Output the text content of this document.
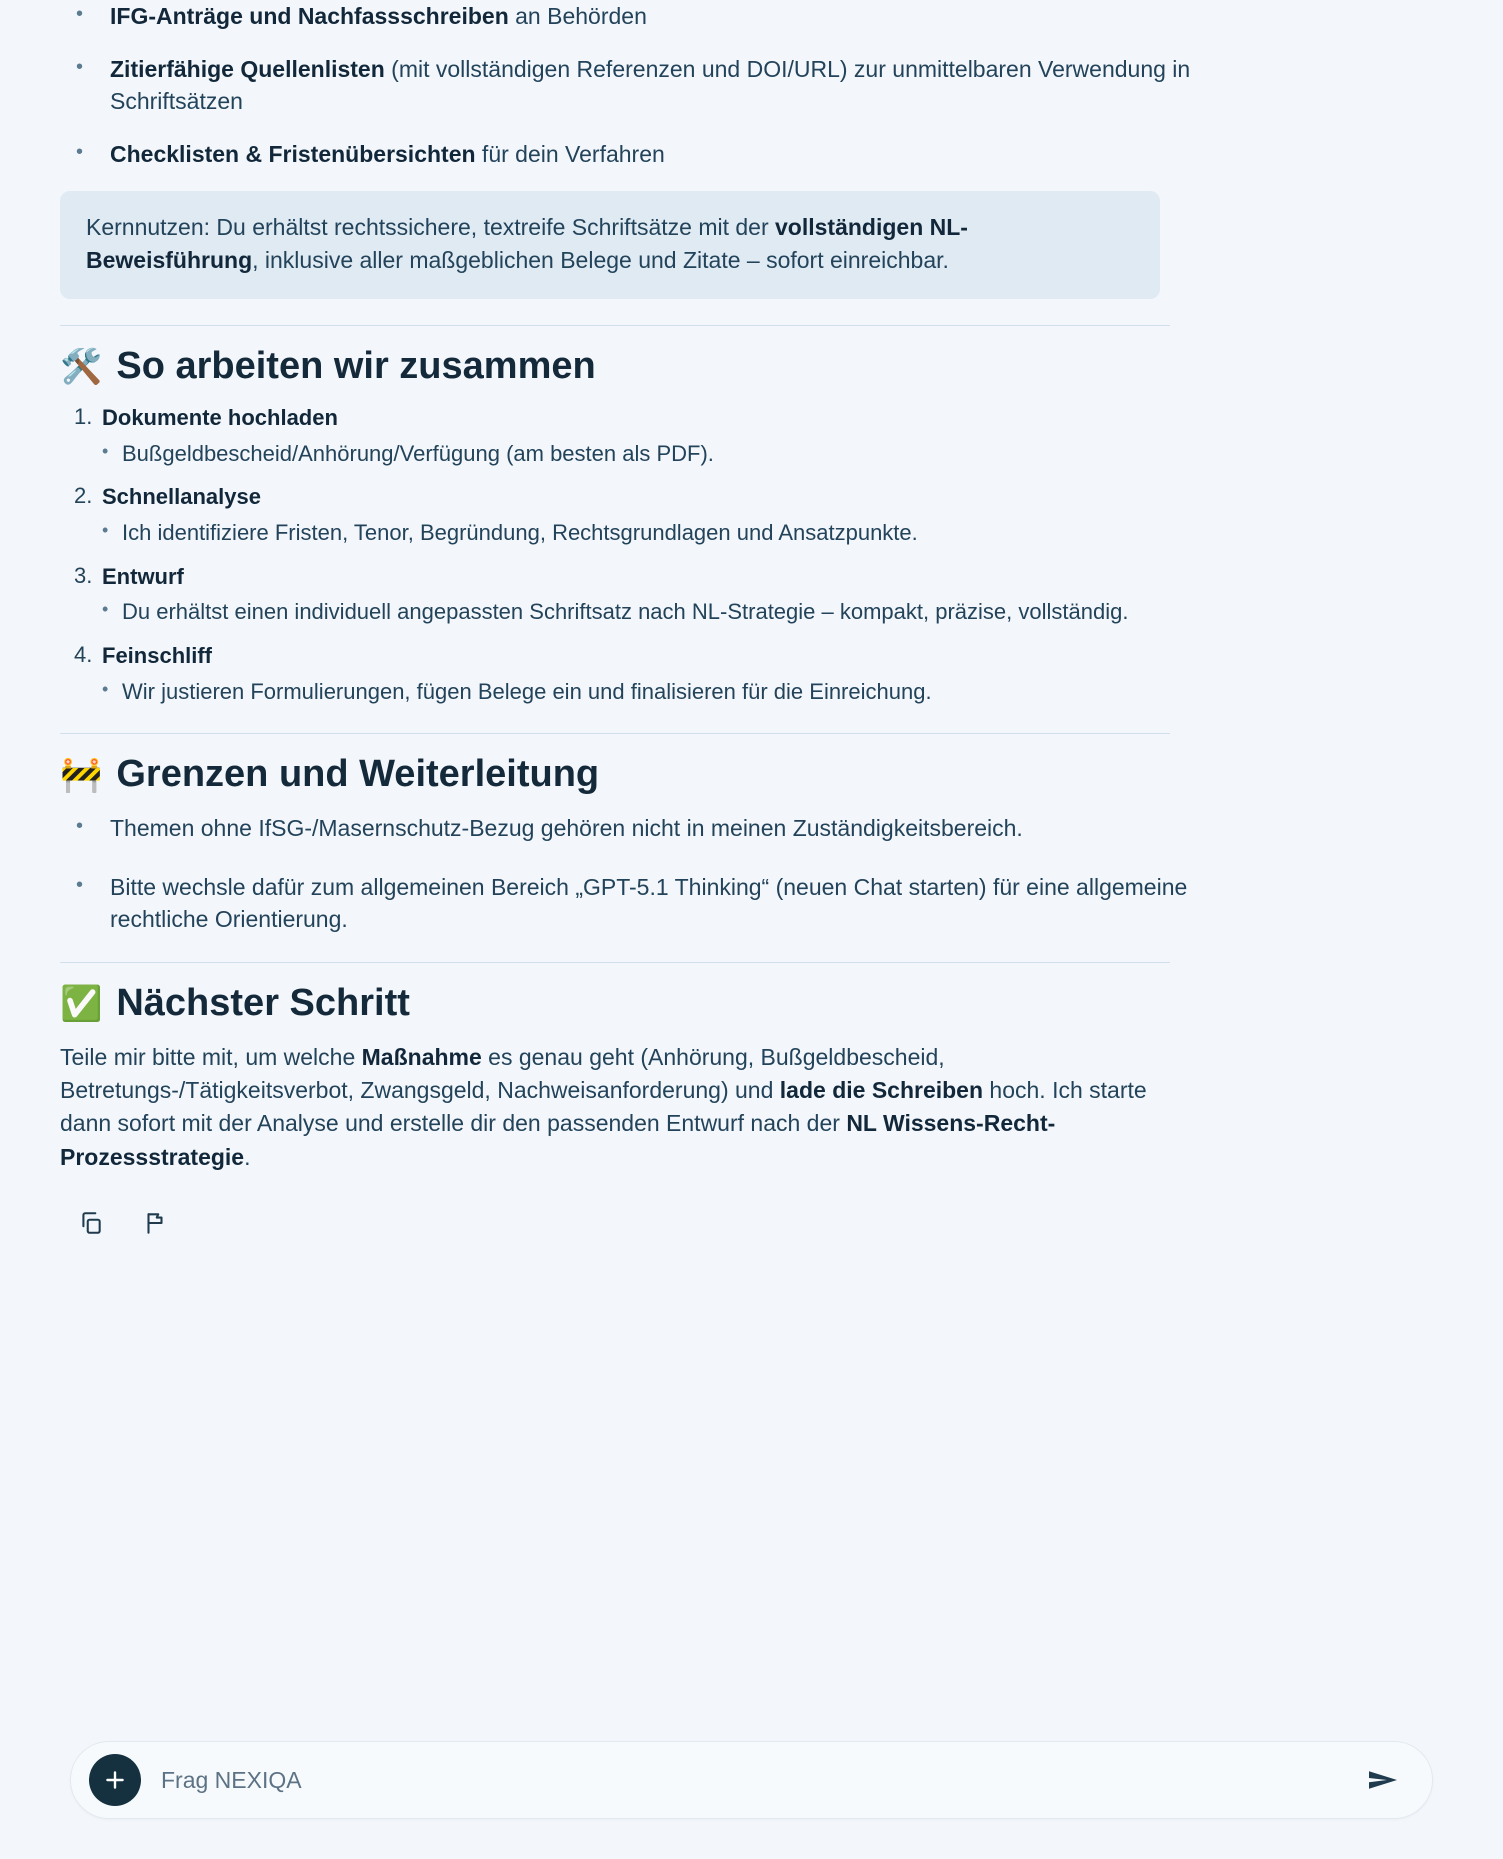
• IFG-Anträge und Nachfassschreiben an Behörden
• Zitierfähige Quellenlisten (mit vollständigen Referenzen und DOI/URL) zur unmittelbaren Verwendung in Schriftsätzen
• Checklisten & Fristenübersichten für dein Verfahren
Kernnutzen: Du erhältst rechtssichere, textreife Schriftsätze mit der vollständigen NL-Beweisführung, inklusive aller maßgeblichen Belege und Zitate – sofort einreichbar.
🛠️ So arbeiten wir zusammen
Dokumente hochladen
• Bußgeldbescheid/Anhörung/Verfügung (am besten als PDF).
Schnellanalyse
• Ich identifiziere Fristen, Tenor, Begründung, Rechtsgrundlagen und Ansatzpunkte.
Entwurf
• Du erhältst einen individuell angepassten Schriftsatz nach NL-Strategie – kompakt, präzise, vollständig.
Feinschliff
• Wir justieren Formulierungen, fügen Belege ein und finalisieren für die Einreichung.
🚧 Grenzen und Weiterleitung
• Themen ohne IfSG-/Masernschutz-Bezug gehören nicht in meinen Zuständigkeitsbereich.
• Bitte wechsle dafür zum allgemeinen Bereich „GPT-5.1 Thinking“ (neuen Chat starten) für eine allgemeine rechtliche Orientierung.
✅ Nächster Schritt

Teile mir bitte mit, um welche Maßnahme es genau geht (Anhörung, Bußgeldbescheid, Betretungs-/Tätigkeitsverbot, Zwangsgeld, Nachweisanforderung) und lade die Schreiben hoch. Ich starte dann sofort mit der Analyse und erstelle dir den passenden Entwurf nach der NL Wissens-Recht-Prozessstrategie.

Frag NEXIQA
